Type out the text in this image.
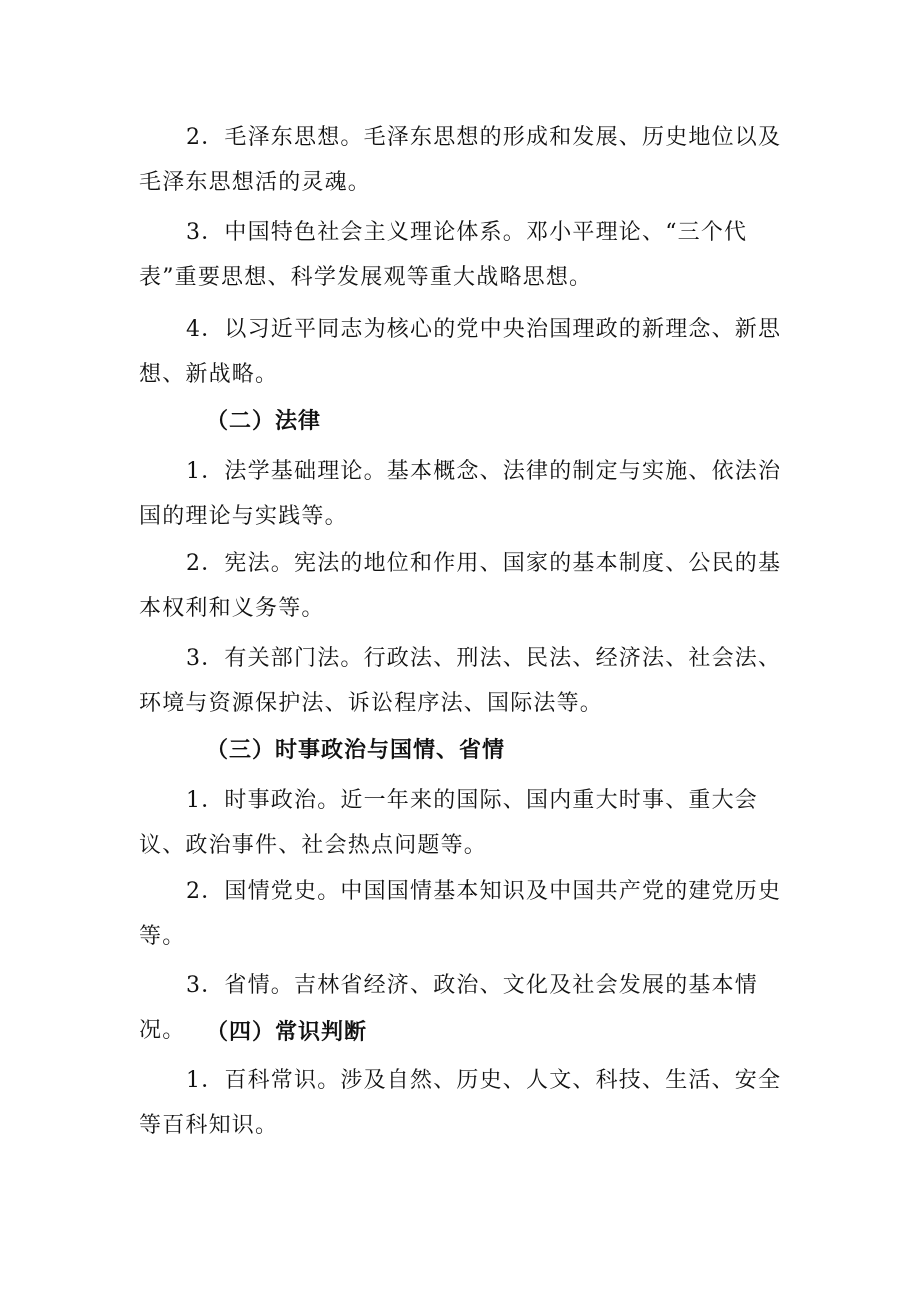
2．毛泽东思想。毛泽东思想的形成和发展、历史地位以及毛泽东思想活的灵魂。

3．中国特色社会主义理论体系。邓小平理论、“三个代表”重要思想、科学发展观等重大战略思想。

4．以习近平同志为核心的党中央治国理政的新理念、新思想、新战略。

（二）法律

1．法学基础理论。基本概念、法律的制定与实施、依法治国的理论与实践等。

2．宪法。宪法的地位和作用、国家的基本制度、公民的基本权利和义务等。

3．有关部门法。行政法、刑法、民法、经济法、社会法、环境与资源保护法、诉讼程序法、国际法等。

（三）时事政治与国情、省情

1．时事政治。近一年来的国际、国内重大时事、重大会议、政治事件、社会热点问题等。

2．国情党史。中国国情基本知识及中国共产党的建党历史等。

3．省情。吉林省经济、政治、文化及社会发展的基本情况。 （四）常识判断

1．百科常识。涉及自然、历史、人文、科技、生活、安全等百科知识。
